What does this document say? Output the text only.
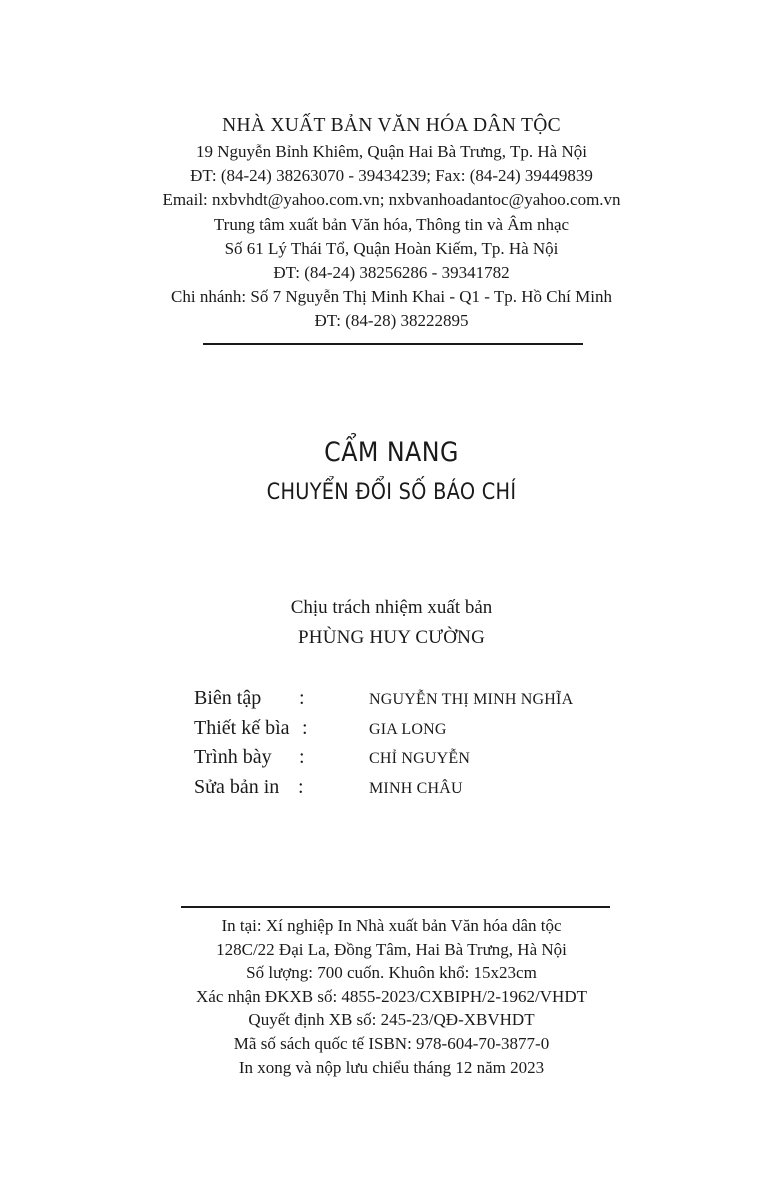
NHÀ XUẤT BẢN VĂN HÓA DÂN TỘC
19 Nguyễn Bỉnh Khiêm, Quận Hai Bà Trưng, Tp. Hà Nội
ĐT: (84-24) 38263070 - 39434239; Fax: (84-24) 39449839
Email: nxbvhdt@yahoo.com.vn; nxbvanhoadantoc@yahoo.com.vn
Trung tâm xuất bản Văn hóa, Thông tin và Âm nhạc
Số 61 Lý Thái Tổ, Quận Hoàn Kiếm, Tp. Hà Nội
ĐT: (84-24) 38256286 - 39341782
Chi nhánh: Số 7 Nguyễn Thị Minh Khai - Q1 - Tp. Hồ Chí Minh
ĐT: (84-28) 38222895
CẨM NANG
CHUYỂN ĐỔI SỐ BÁO CHÍ
Chịu trách nhiệm xuất bản
PHÙNG HUY CƯỜNG
Biên tập :	NGUYỄN THỊ MINH NGHĨA
Thiết kế bìa :	GIA LONG
Trình bày :	CHỈ NGUYỄN
Sửa bản in :	MINH CHÂU
In tại: Xí nghiệp In Nhà xuất bản Văn hóa dân tộc
128C/22 Đại La, Đồng Tâm, Hai Bà Trưng, Hà Nội
Số lượng: 700 cuốn. Khuôn khổ: 15x23cm
Xác nhận ĐKXB số: 4855-2023/CXBIPH/2-1962/VHDT
Quyết định XB số: 245-23/QĐ-XBVHDT
Mã số sách quốc tế ISBN: 978-604-70-3877-0
In xong và nộp lưu chiểu tháng 12 năm 2023
